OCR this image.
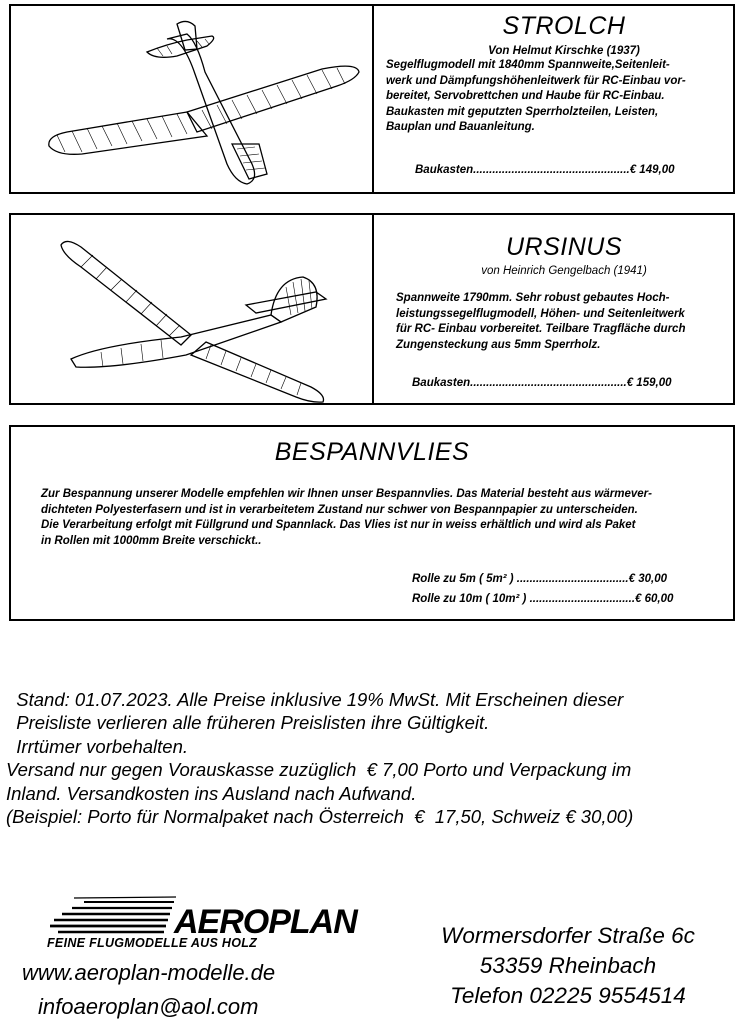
STROLCH
Von Helmut Kirschke (1937)
Segelflugmodell mit 1840mm Spannweite,Seitenleit-
werk und Dämpfungshöhenleitwerk für RC-Einbau vor-
bereitet, Servobrettchen und Haube für RC-Einbau.
Baukasten mit geputzten Sperrholzteilen, Leisten,
Bauplan und Bauanleitung.
Baukasten.................................................€ 149,00
URSINUS
von Heinrich Gengelbach (1941)
Spannweite 1790mm. Sehr robust gebautes Hoch-
leistungssegelflugmodell, Höhen- und Seitenleitwerk
für RC- Einbau vorbereitet. Teilbare Tragfläche durch
Zungensteckung aus 5mm Sperrholz.
Baukasten.................................................€ 159,00
BESPANNVLIES
Zur Bespannung unserer Modelle empfehlen wir Ihnen unser Bespannvlies. Das Material besteht aus wärmever-
dichteten Polyesterfasern und ist in verarbeitetem Zustand nur schwer von Bespannpapier zu unterscheiden.
Die Verarbeitung erfolgt mit Füllgrund und Spannlack. Das Vlies ist nur in weiss erhältlich und wird als Paket
in Rollen mit 1000mm Breite verschickt..
Rolle zu 5m ( 5m² ) ...................................€ 30,00
Rolle zu 10m ( 10m² ) .................................€ 60,00
Stand: 01.07.2023. Alle Preise inklusive 19% MwSt. Mit Erscheinen dieser
Preisliste verlieren alle früheren Preislisten ihre Gültigkeit.
Irrtümer vorbehalten.
Versand nur gegen Vorauskasse zuzüglich  € 7,00 Porto und Verpackung im
Inland. Versandkosten ins Ausland nach Aufwand.
(Beispiel: Porto für Normalpaket nach Österreich  €  17,50, Schweiz € 30,00)
AEROPLAN
FEINE FLUGMODELLE AUS HOLZ
www.aeroplan-modelle.de
infoaeroplan@aol.com
Wormersdorfer Straße 6c
53359 Rheinbach
Telefon 02225 9554514
